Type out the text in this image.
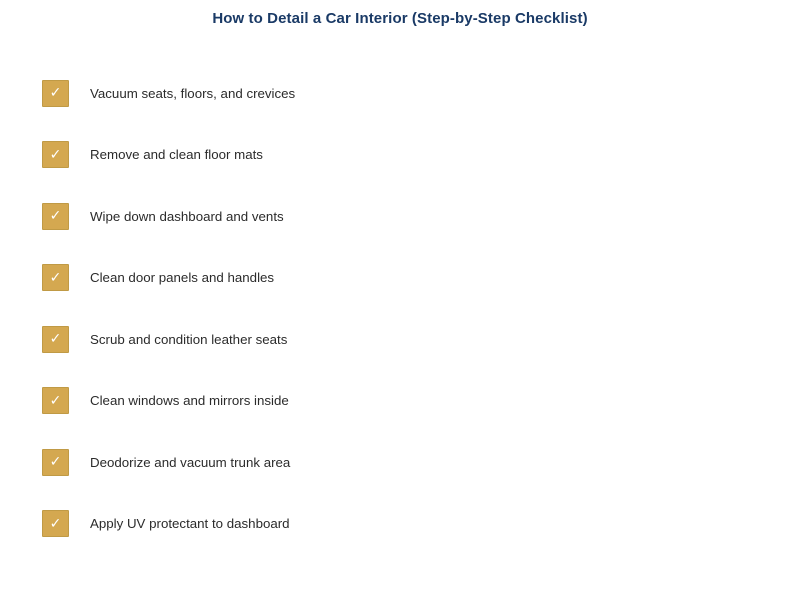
How to Detail a Car Interior (Step-by-Step Checklist)
✓ Vacuum seats, floors, and crevices
✓ Remove and clean floor mats
✓ Wipe down dashboard and vents
✓ Clean door panels and handles
✓ Scrub and condition leather seats
✓ Clean windows and mirrors inside
✓ Deodorize and vacuum trunk area
✓ Apply UV protectant to dashboard
